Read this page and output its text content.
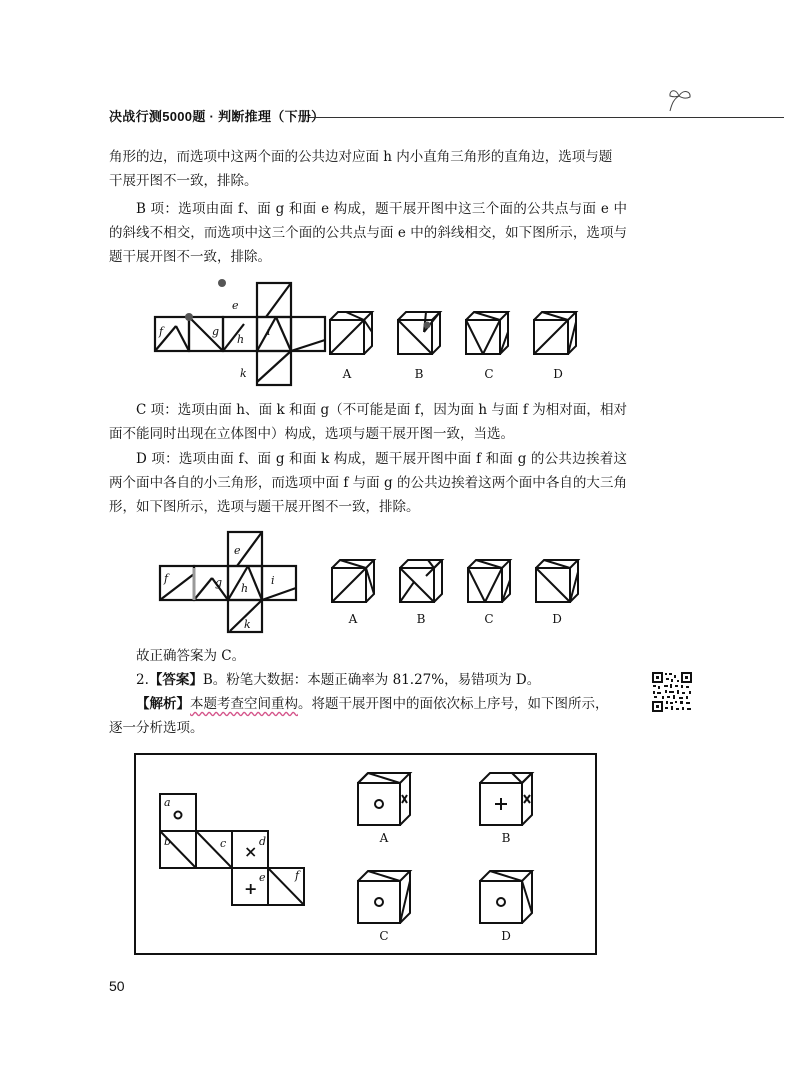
决战行测5000题 · 判断推理（下册）

角形的边，而选项中这两个面的公共边对应面 h 内小直角三角形的直角边，选项与题

干展开图不一致，排除。

B 项：选项由面 f、面 g 和面 e 构成，题干展开图中这三个面的公共点与面 e 中的斜线不相交，而选项中这三个面的公共点与面 e 中的斜线相交，如下图所示，选项与题干展开图不一致，排除。

e
f	g
h
i
k	A	B	C	D

C 项：选项由面 h、面 k 和面 g（不可能是面 f，因为面 h 与面 f 为相对面，相对面不能同时出现在立体图中）构成，选项与题干展开图一致，当选。

D 项：选项由面 f、面 g 和面 k 构成，题干展开图中面 f 和面 g 的公共边挨着这两个面中各自的小三角形，而选项中面 f 与面 g 的公共边挨着这两个面中各自的大三角形，如下图所示，选项与题干展开图不一致，排除。

e
f	g h
i
k	A	B	C	D

故正确答案为 C。

2.【答案】B。粉笔大数据：本题正确率为 81.27%，易错项为 D。

【解析】本题考查空间重构。将题干展开图中的面依次标上序号，如下图所示，

逐一分析选项。

a
b	c	d
e	f
×
+
A	B
C	D
50
